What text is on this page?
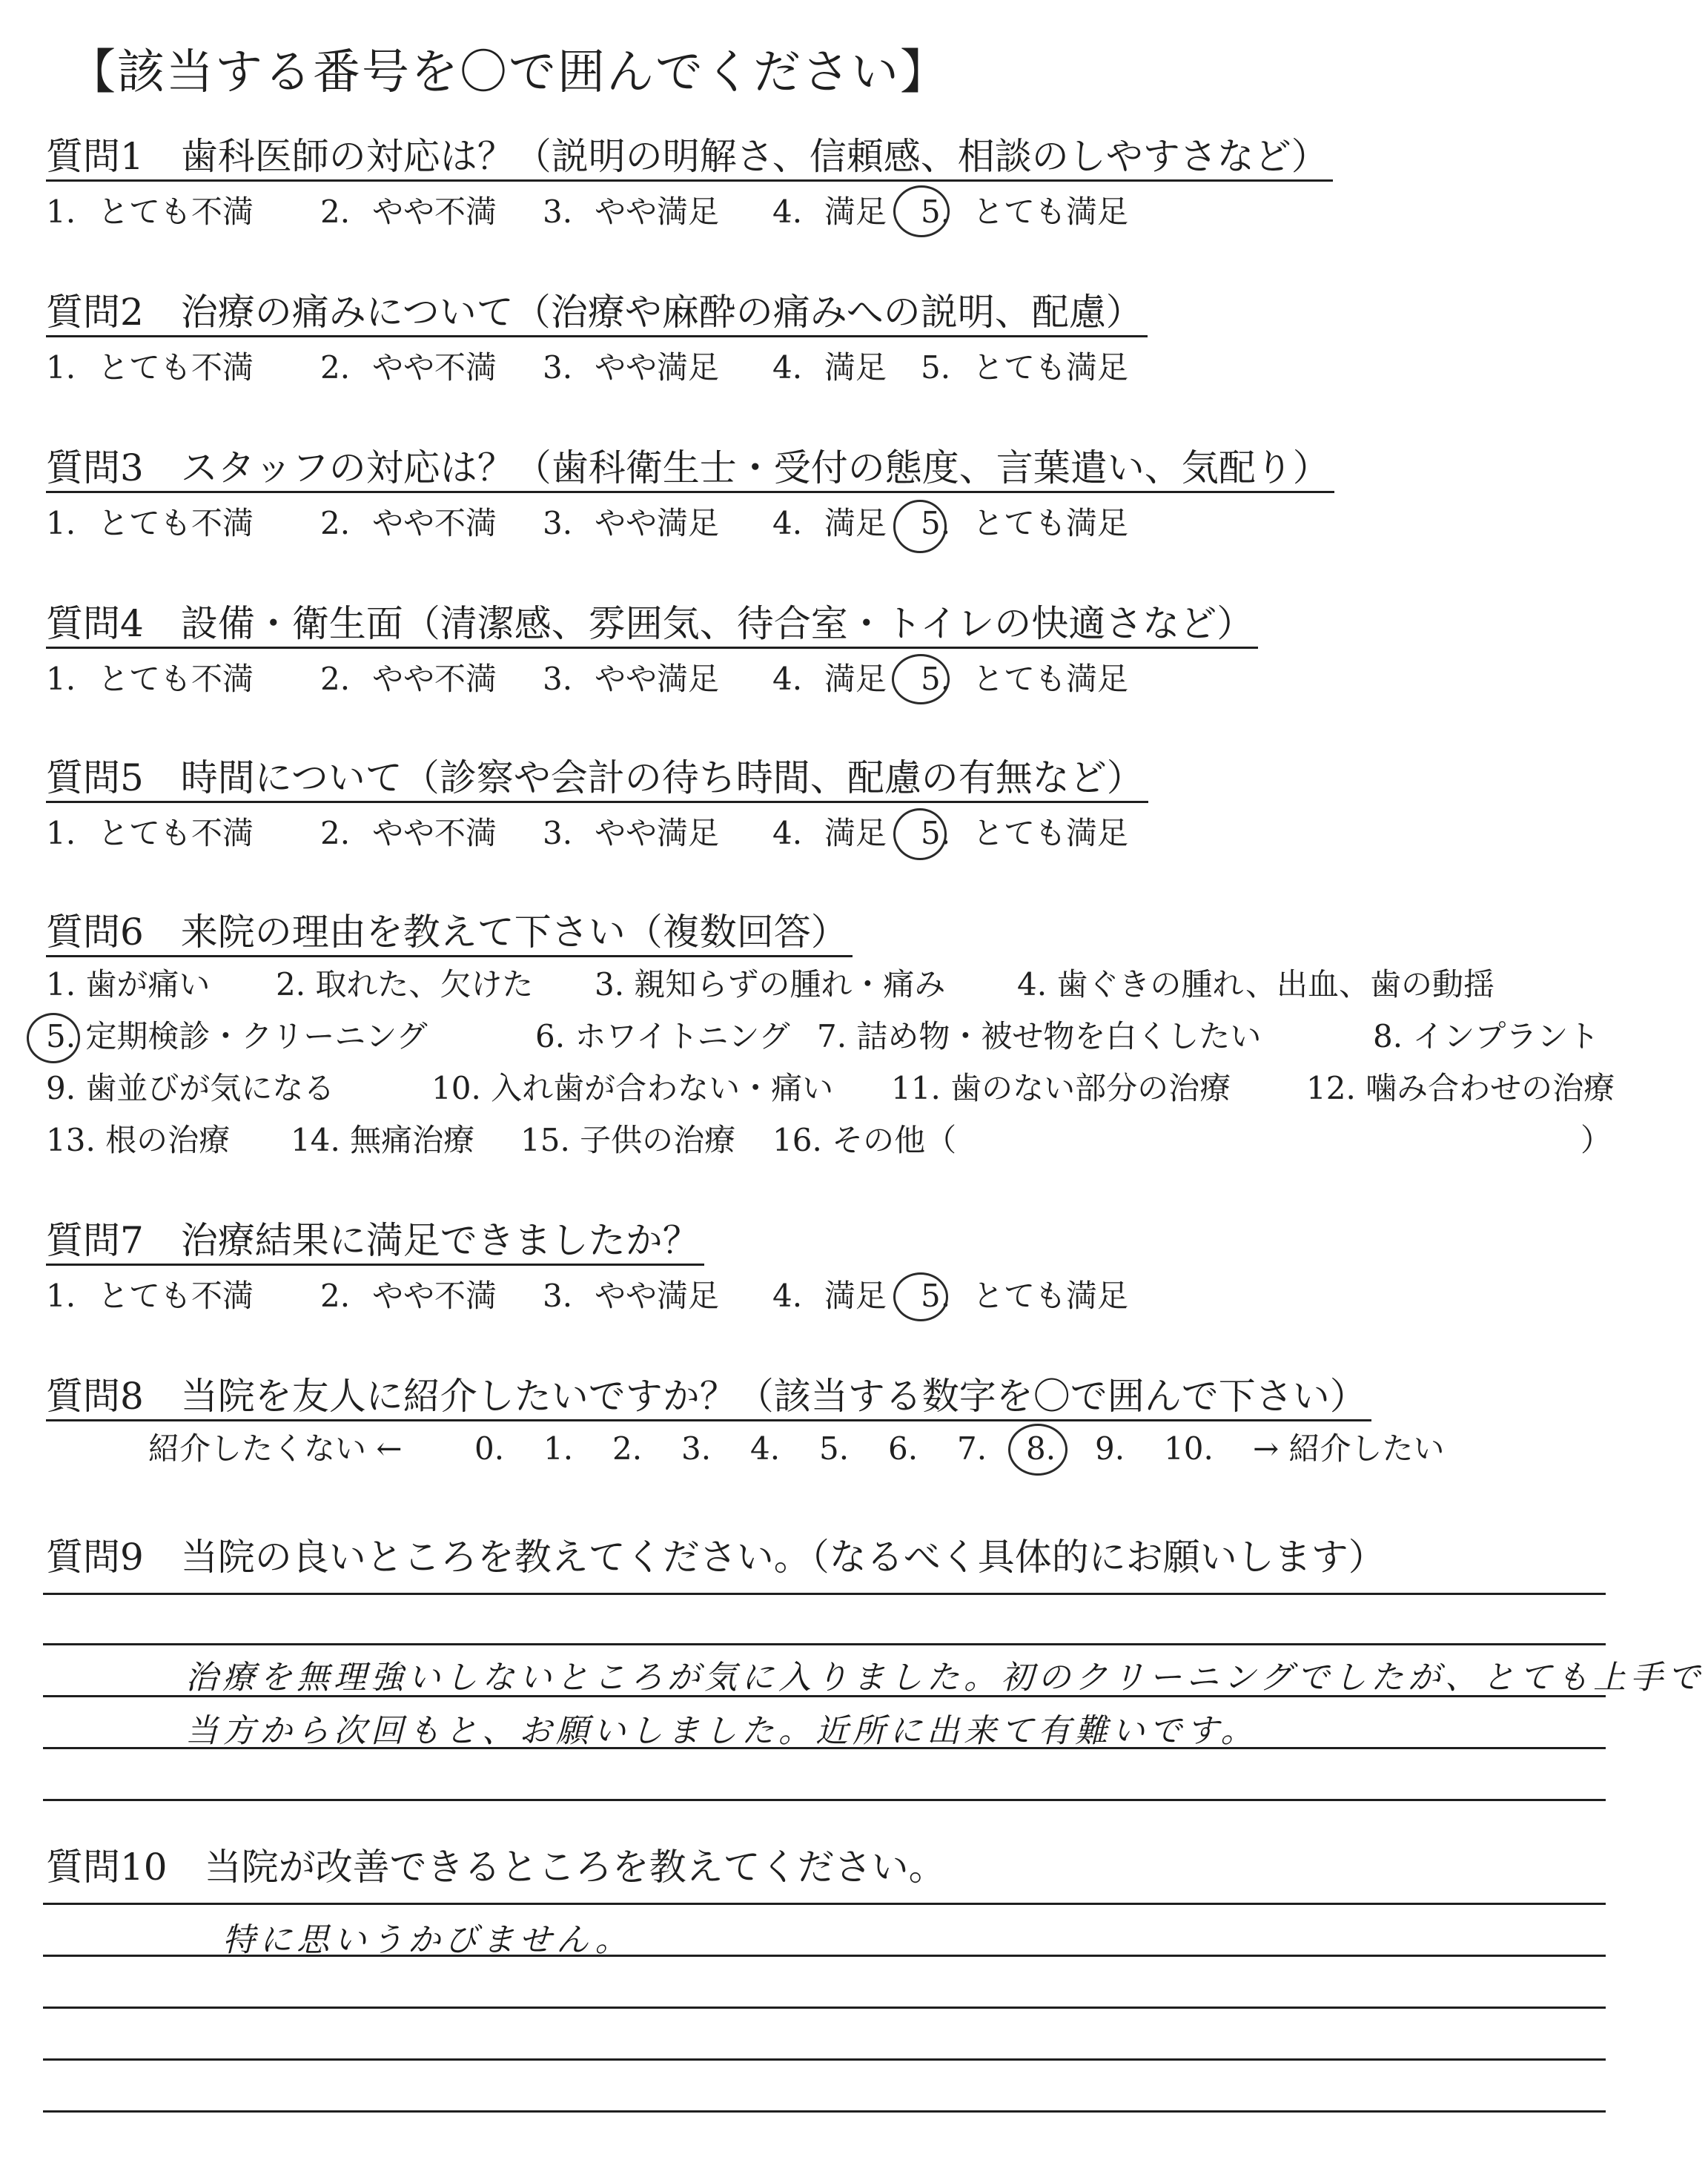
【該当する番号を〇で囲んでください】
質問1　歯科医師の対応は？（説明の明解さ、信頼感、相談のしやすさなど）
1. とても不満 2. やや不満 3. やや満足 4. 満足 5. とても満足
質問2　治療の痛みについて（治療や麻酔の痛みへの説明、配慮）
1. とても不満 2. やや不満 3. やや満足 4. 満足 5. とても満足
質問3　スタッフの対応は？（歯科衛生士・受付の態度、言葉遣い、気配り）
1. とても不満 2. やや不満 3. やや満足 4. 満足 5. とても満足
質問4　設備・衛生面（清潔感、雰囲気、待合室・トイレの快適さなど）
1. とても不満 2. やや不満 3. やや満足 4. 満足 5. とても満足
質問5　時間について（診察や会計の待ち時間、配慮の有無など）
1. とても不満 2. やや不満 3. やや満足 4. 満足 5. とても満足
質問6　来院の理由を教えて下さい（複数回答）
1. 歯が痛い 2. 取れた、欠けた 3. 親知らずの腫れ・痛み 4. 歯ぐきの腫れ、出血、歯の動揺
5. 定期検診・クリーニング	6. ホワイトニング 7. 詰め物・被せ物を白くしたい	8. インプラント
9. 歯並びが気になる	10. 入れ歯が合わない・痛い 11. 歯のない部分の治療 12. 噛み合わせの治療
13. 根の治療 14. 無痛治療 15. 子供の治療 16. その他（	）
質問7　治療結果に満足できましたか？
1. とても不満 2. やや不満 3. やや満足 4. 満足 5. とても満足
質問8　当院を友人に紹介したいですか？（該当する数字を〇で囲んで下さい）
紹介したくない ← 0. 1. 2. 3. 4. 5. 6. 7. 8. 9. 10. → 紹介したい
質問9　当院の良いところを教えてください。（なるべく具体的にお願いします）
治療を無理強いしないところが気に入りました。初のクリーニングでしたが、とても上手で
当方から次回もと、お願いしました。近所に出来て有難いです。
質問10　当院が改善できるところを教えてください。
特に思いうかびません。
